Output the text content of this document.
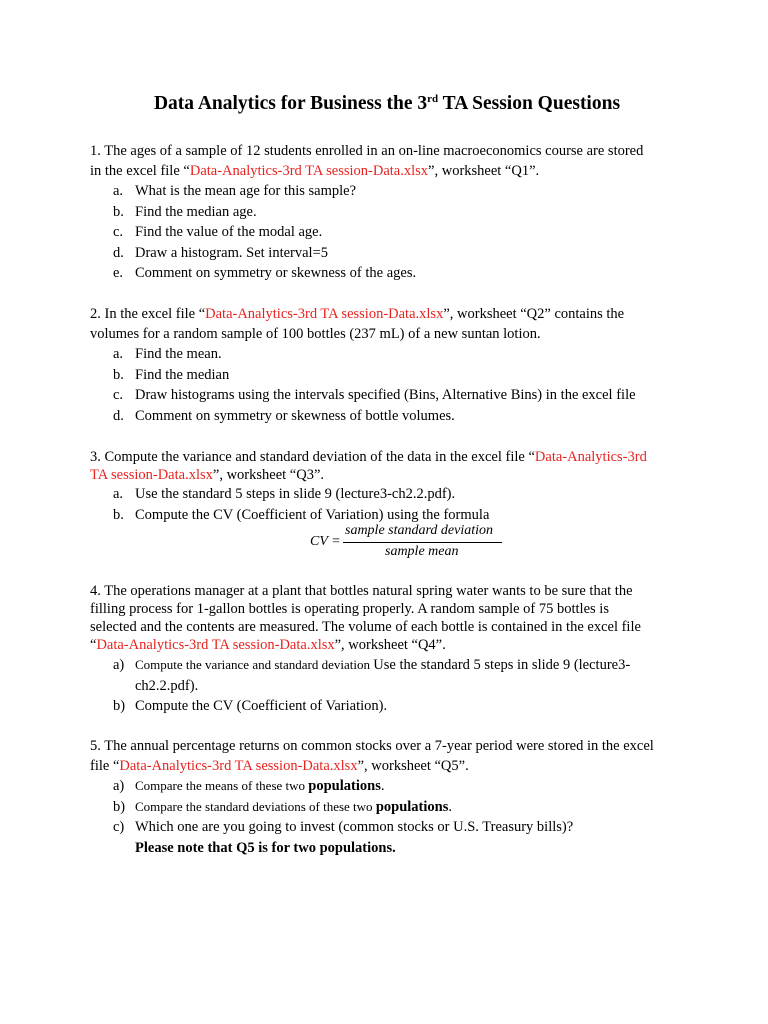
Data Analytics for Business the 3rd TA Session Questions
1. The ages of a sample of 12 students enrolled in an on-line macroeconomics course are stored
in the excel file “Data-Analytics-3rd TA session-Data.xlsx”, worksheet “Q1”.
a. What is the mean age for this sample?
b. Find the median age.
c. Find the value of the modal age.
d. Draw a histogram. Set interval=5
e. Comment on symmetry or skewness of the ages.
2. In the excel file “Data-Analytics-3rd TA session-Data.xlsx”, worksheet “Q2” contains the
volumes for a random sample of 100 bottles (237 mL) of a new suntan lotion.
a. Find the mean.
b. Find the median
c. Draw histograms using the intervals specified (Bins, Alternative Bins) in the excel file
d. Comment on symmetry or skewness of bottle volumes.
3. Compute the variance and standard deviation of the data in the excel file “Data-Analytics-3rd
TA session-Data.xlsx”, worksheet “Q3”.
a. Use the standard 5 steps in slide 9 (lecture3-ch2.2.pdf).
b. Compute the CV (Coefficient of Variation) using the formula
CV =
sample standard deviation
sample mean
4. The operations manager at a plant that bottles natural spring water wants to be sure that the
filling process for 1-gallon bottles is operating properly. A random sample of 75 bottles is
selected and the contents are measured. The volume of each bottle is contained in the excel file
“Data-Analytics-3rd TA session-Data.xlsx”, worksheet “Q4”.
a) Compute the variance and standard deviation Use the standard 5 steps in slide 9 (lecture3-
ch2.2.pdf).
b) Compute the CV (Coefficient of Variation).
5. The annual percentage returns on common stocks over a 7-year period were stored in the excel
file “Data-Analytics-3rd TA session-Data.xlsx”, worksheet “Q5”.
a) Compare the means of these two populations.
b) Compare the standard deviations of these two populations.
c) Which one are you going to invest (common stocks or U.S. Treasury bills)?
Please note that Q5 is for two populations.
